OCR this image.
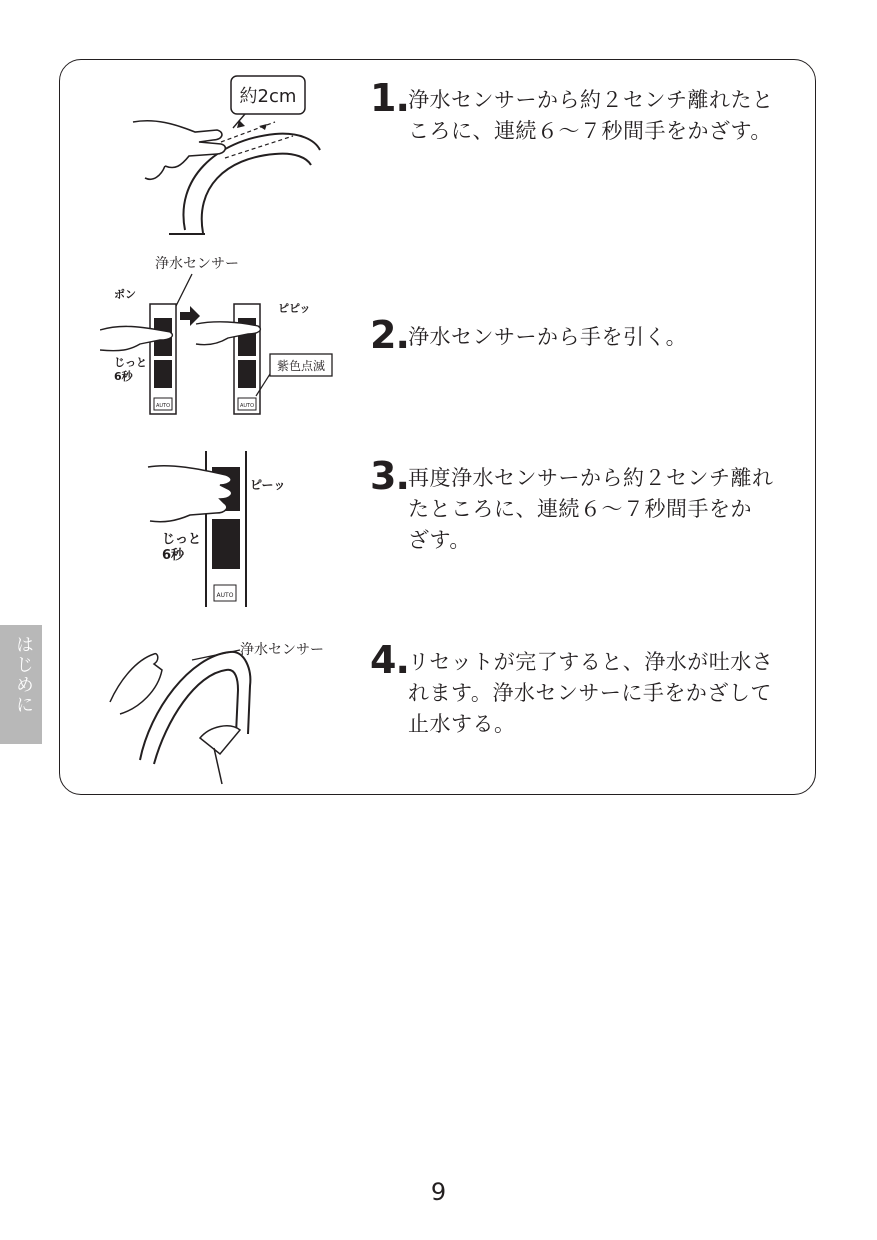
約2cm
浄水センサー
ポン
AUTO
じっと
6秒
AUTO
ピピッ
紫色点滅
AUTO
ピーッ
じっと
6秒
浄水センサー
1. 浄水センサーから約２センチ離れたと
ころに、連続６～７秒間手をかざす。
2. 浄水センサーから手を引く。
3. 再度浄水センサーから約２センチ離れ
たところに、連続６～７秒間手をか
ざす。
4. リセットが完了すると、浄水が吐水さ
れます。浄水センサーに手をかざして
止水する。
はじめに
9
